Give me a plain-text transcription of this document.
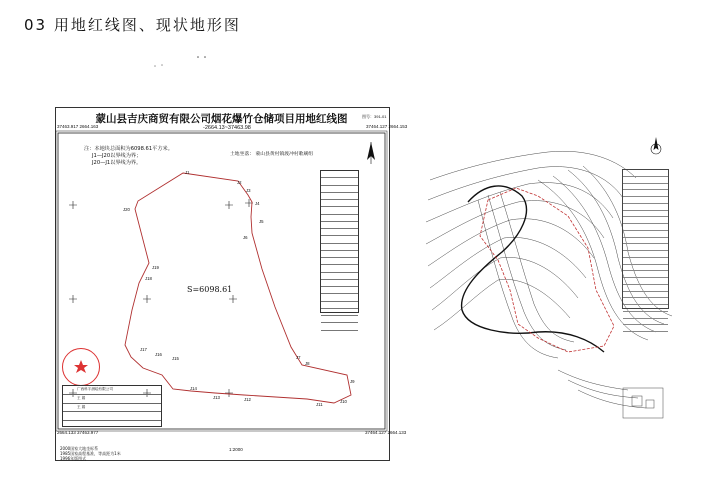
03 用地红线图、现状地形图
蒙山县吉庆商贸有限公司烟花爆竹仓储项目用地红线图	图号：391-01
37463.917 2664.163	-2664.13~37463.98	37464.127 2664.153
2664.133 37463.977	37464.127 2664.133
注：本地块总面积为6098.61平方米。
J1—J20以界线为界；
J20—J1以界线为界。
土地坐落： 蒙山县黄村镇渡冲村歌刷组
J1
J2
J3
J4
J5
J6
J7
J8
J9
J10
J11
J12
J13
J14
J15
J16
J17
J18
J19
J20
S=6098.61
广西科宇测绘有限公司
王 娟
王 娟
2000国家大地坐标系
1985国家高程基准，等高距为1米
1996年版图式
1:2000
